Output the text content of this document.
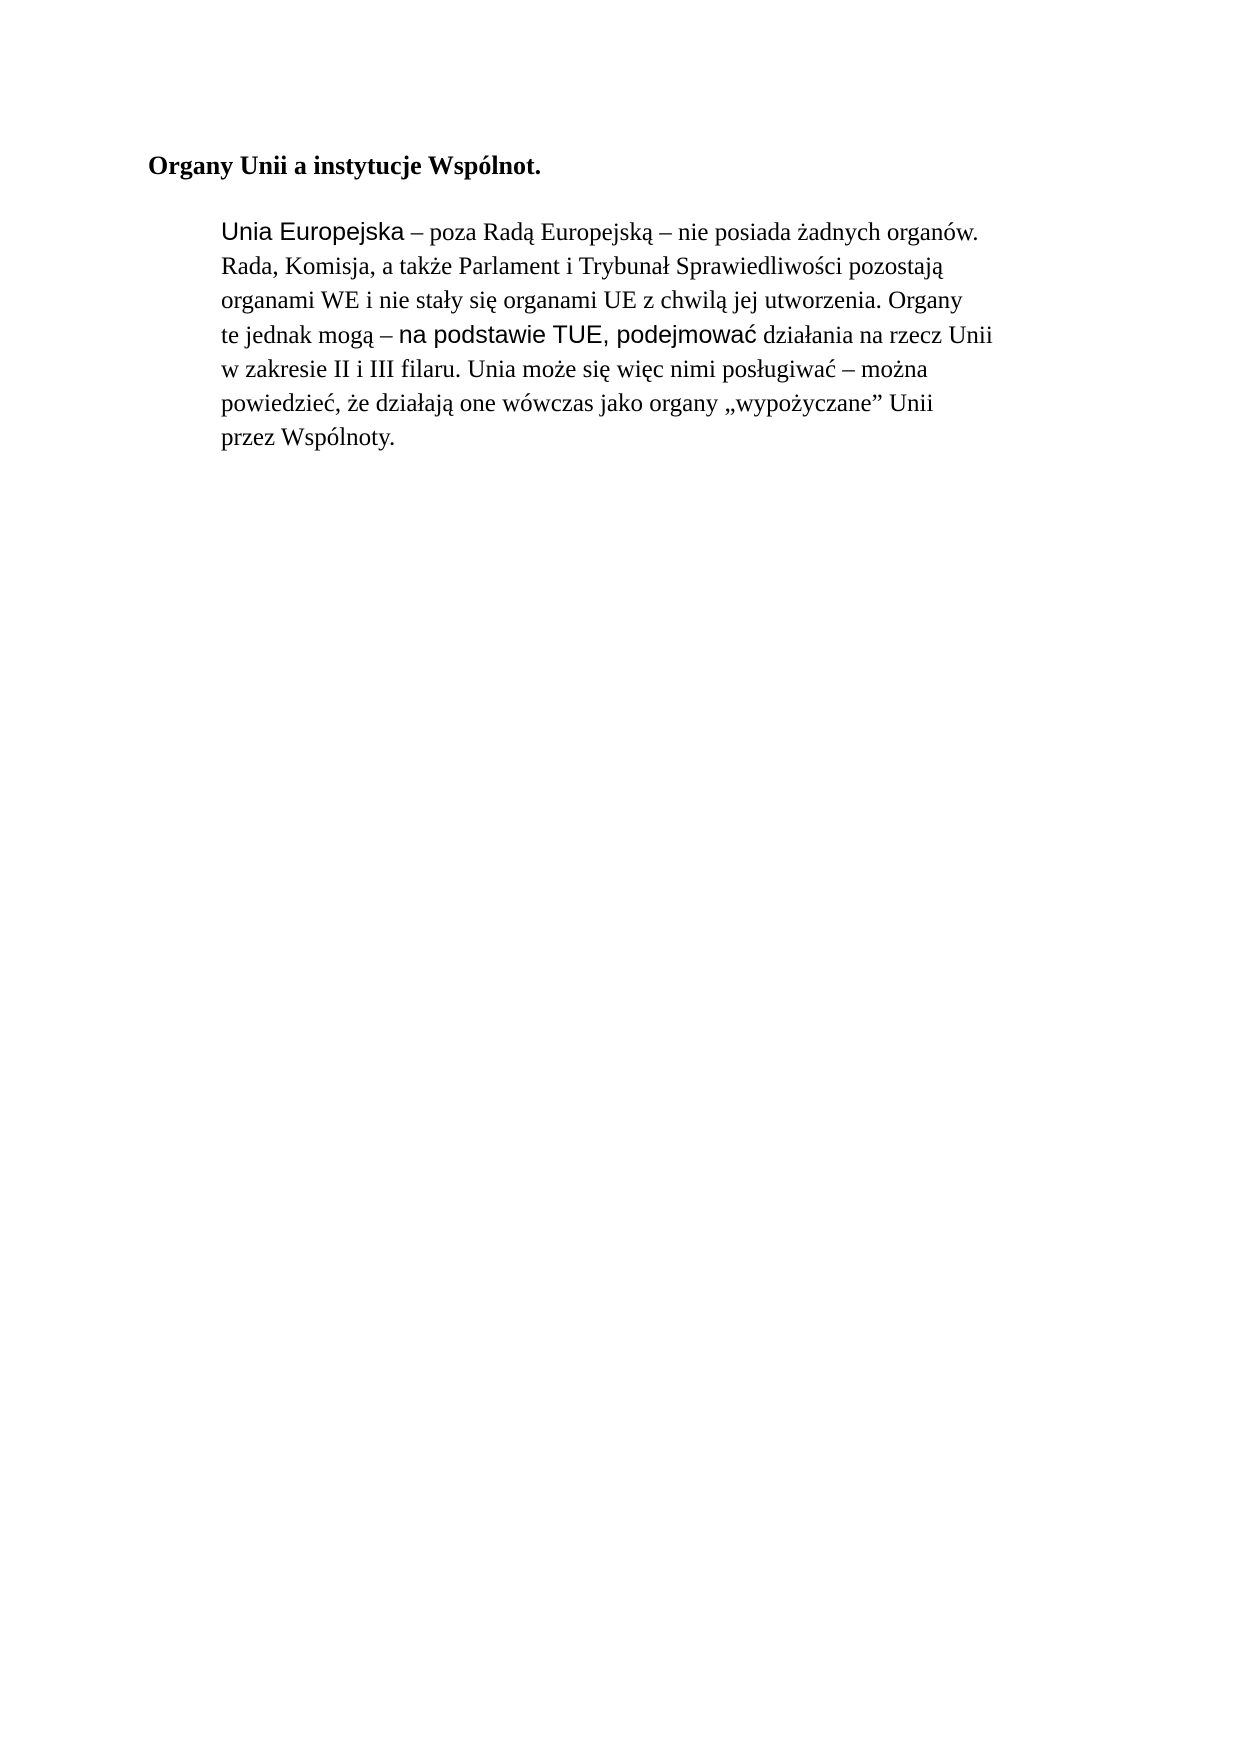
Organy Unii a instytucje Wspólnot.
Unia Europejska – poza Radą Europejską – nie posiada żadnych organów.
Rada, Komisja, a także Parlament i Trybunał Sprawiedliwości pozostają
organami WE i nie stały się organami UE z chwilą jej utworzenia. Organy
te jednak mogą – na podstawie TUE, podejmować działania na rzecz Unii
w zakresie II i III filaru. Unia może się więc nimi posługiwać – można
powiedzieć, że działają one wówczas jako organy „wypożyczane” Unii
przez Wspólnoty.
